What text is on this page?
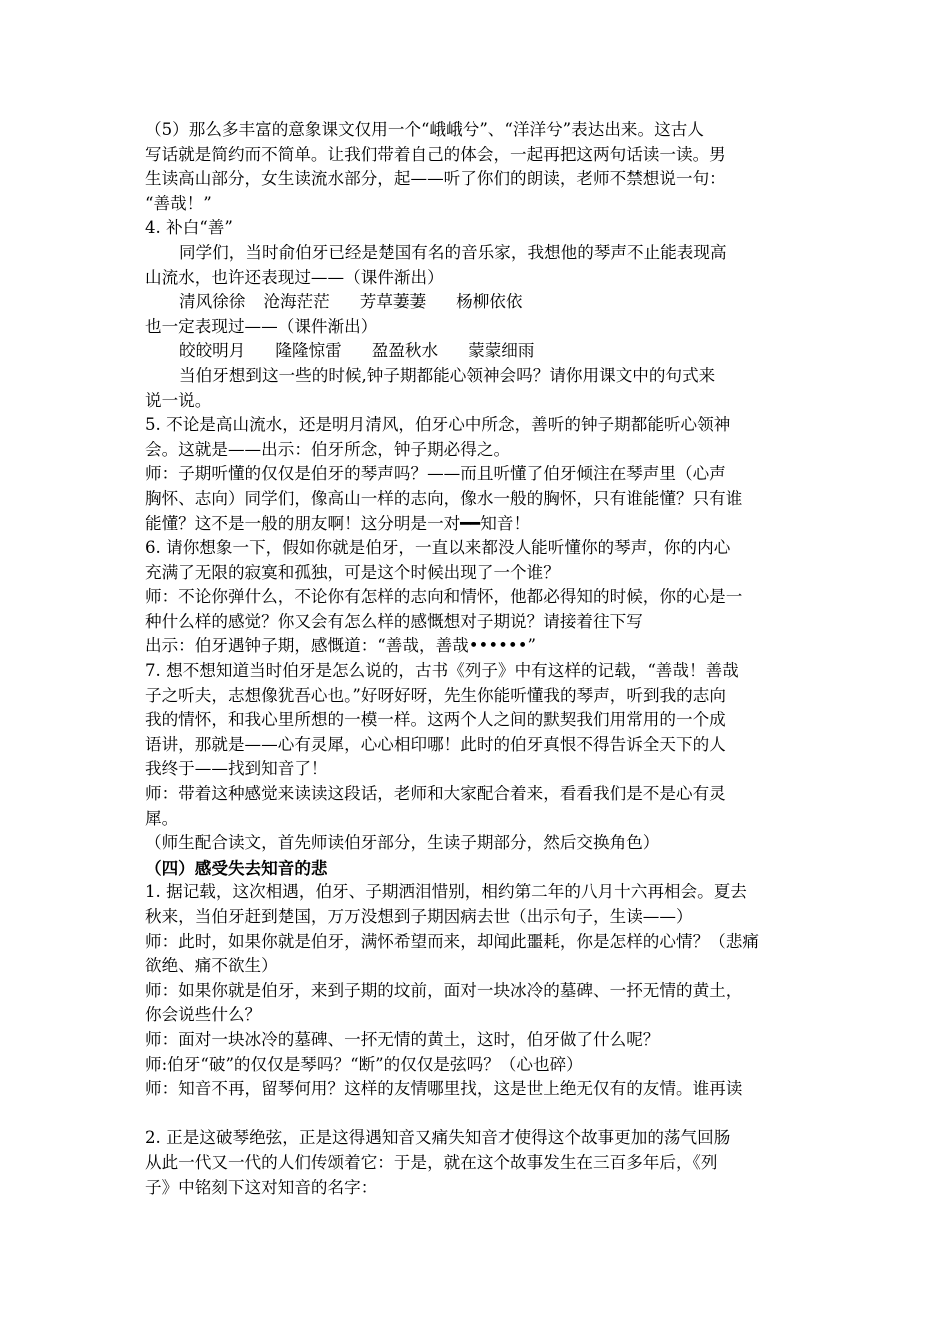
（5）那么多丰富的意象课文仅用一个“峨峨兮”、“洋洋兮”表达出来。这古人
写话就是简约而不简单。让我们带着自己的体会，一起再把这两句话读一读。男
生读高山部分，女生读流水部分，起——听了你们的朗读，老师不禁想说一句：
“善哉！”
4. 补白“善”
同学们，当时俞伯牙已经是楚国有名的音乐家，我想他的琴声不止能表现高
山流水，也许还表现过——（课件渐出）
清风徐徐 沧海茫茫 芳草萋萋 杨柳依依
也一定表现过——（课件渐出）
皎皎明月 隆隆惊雷 盈盈秋水 蒙蒙细雨
当伯牙想到这一些的时候,钟子期都能心领神会吗？请你用课文中的句式来
说一说。
5. 不论是高山流水，还是明月清风，伯牙心中所念，善听的钟子期都能听心领神
会。这就是——出示：伯牙所念，钟子期必得之。
师：子期听懂的仅仅是伯牙的琴声吗？——而且听懂了伯牙倾注在琴声里（心声
胸怀、志向）同学们，像高山一样的志向，像水一般的胸怀，只有谁能懂？只有谁
能懂？这不是一般的朋友啊！这分明是一对━━知音！
6. 请你想象一下，假如你就是伯牙，一直以来都没人能听懂你的琴声，你的内心
充满了无限的寂寞和孤独，可是这个时候出现了一个谁？
师：不论你弹什么，不论你有怎样的志向和情怀，他都必得知的时候，你的心是一
种什么样的感觉？你又会有怎么样的感慨想对子期说？请接着往下写
出示：伯牙遇钟子期，感慨道：“善哉，善哉••••••”
7. 想不想知道当时伯牙是怎么说的，古书《列子》中有这样的记载，“善哉！善哉
子之听夫，志想像犹吾心也。”好呀好呀，先生你能听懂我的琴声，听到我的志向
我的情怀，和我心里所想的一模一样。这两个人之间的默契我们用常用的一个成
语讲，那就是——心有灵犀，心心相印哪！此时的伯牙真恨不得告诉全天下的人
我终于——找到知音了！
师：带着这种感觉来读读这段话，老师和大家配合着来，看看我们是不是心有灵
犀。
（师生配合读文，首先师读伯牙部分，生读子期部分，然后交换角色）
（四）感受失去知音的悲
1. 据记载，这次相遇，伯牙、子期洒泪惜别，相约第二年的八月十六再相会。夏去
秋来，当伯牙赶到楚国，万万没想到子期因病去世（出示句子，生读——）
师：此时，如果你就是伯牙，满怀希望而来，却闻此噩耗，你是怎样的心情？（悲痛
欲绝、痛不欲生）
师：如果你就是伯牙，来到子期的坟前，面对一块冰冷的墓碑、一抔无情的黄土，
你会说些什么？
师：面对一块冰冷的墓碑、一抔无情的黄土，这时，伯牙做了什么呢？
师:伯牙“破”的仅仅是琴吗？“断”的仅仅是弦吗？（心也碎）
师：知音不再，留琴何用？这样的友情哪里找，这是世上绝无仅有的友情。谁再读
2. 正是这破琴绝弦，正是这得遇知音又痛失知音才使得这个故事更加的荡气回肠
从此一代又一代的人们传颂着它：于是，就在这个故事发生在三百多年后，《列
子》中铭刻下这对知音的名字：
